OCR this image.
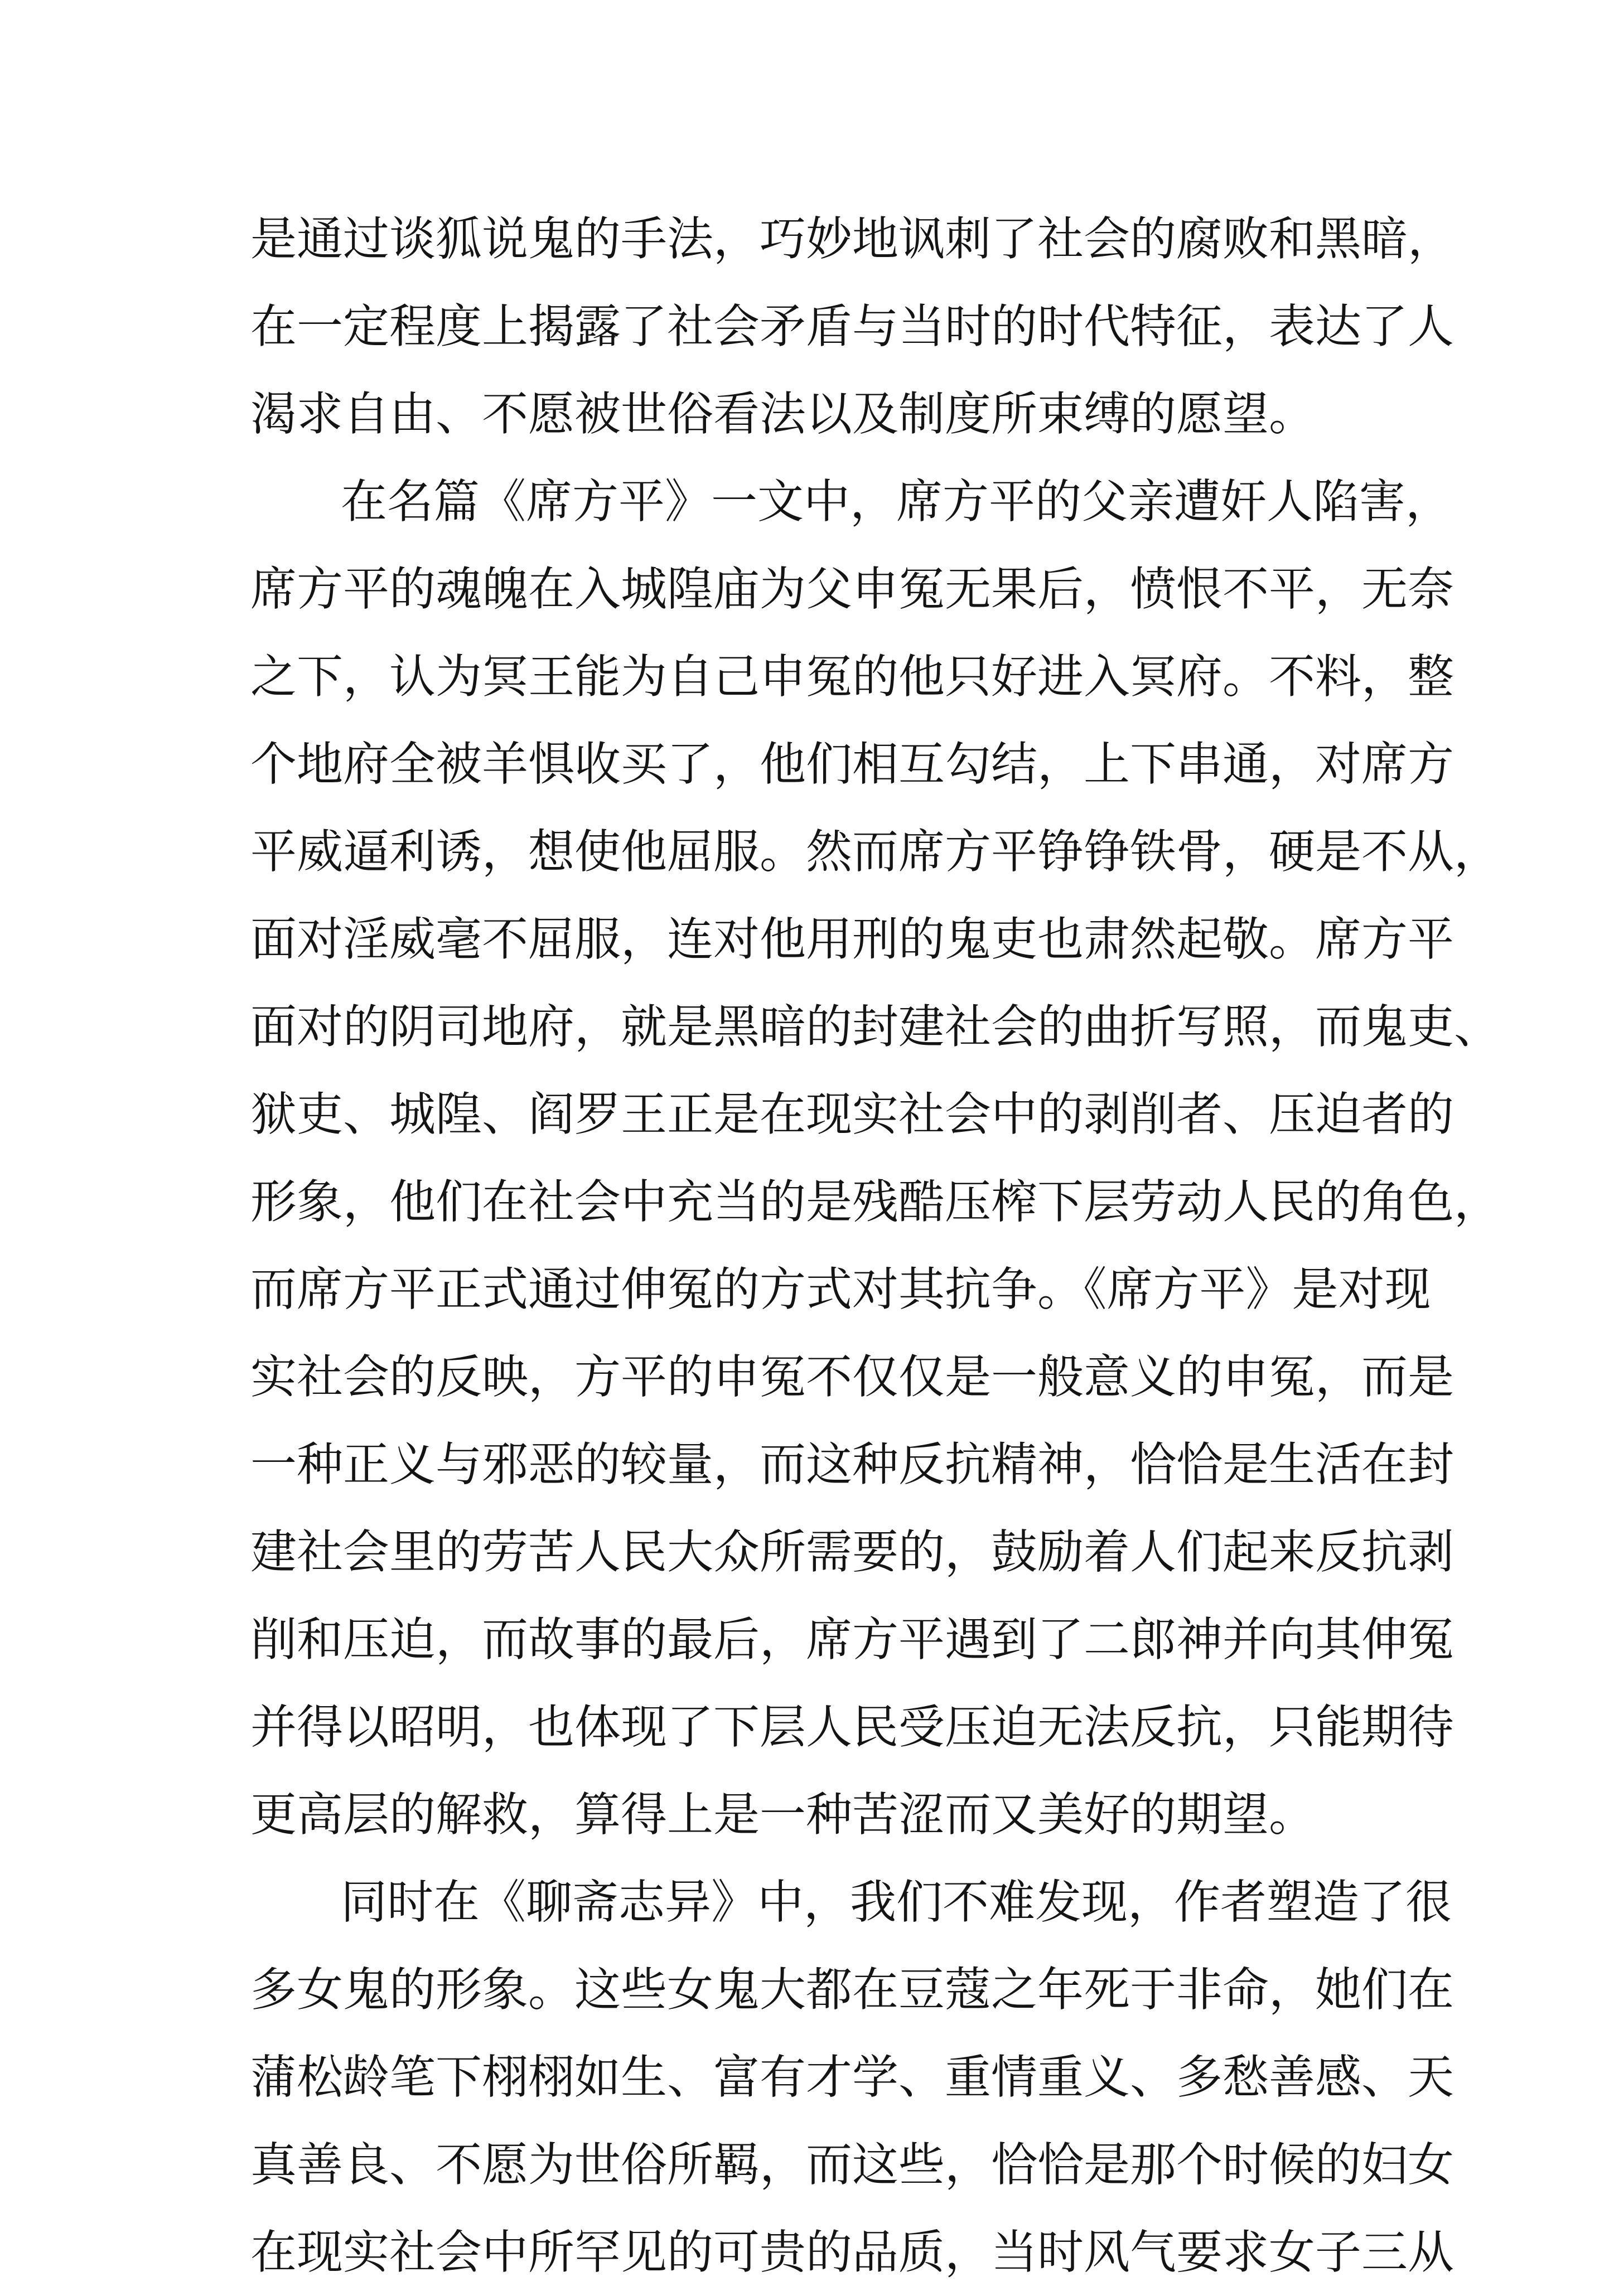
是通过谈狐说鬼的手法，巧妙地讽刺了社会的腐败和黑暗，
在一定程度上揭露了社会矛盾与当时的时代特征，表达了人
渴求自由、不愿被世俗看法以及制度所束缚的愿望。
在名篇《席方平》一文中，席方平的父亲遭奸人陷害，
席方平的魂魄在入城隍庙为父申冤无果后，愤恨不平，无奈
之下，认为冥王能为自己申冤的他只好进入冥府。不料，整
个地府全被羊惧收买了，他们相互勾结，上下串通，对席方
平威逼利诱，想使他屈服。然而席方平铮铮铁骨，硬是不从，
面对淫威毫不屈服，连对他用刑的鬼吏也肃然起敬。席方平
面对的阴司地府，就是黑暗的封建社会的曲折写照，而鬼吏、
狱吏、城隍、阎罗王正是在现实社会中的剥削者、压迫者的
形象，他们在社会中充当的是残酷压榨下层劳动人民的角色，
而席方平正式通过伸冤的方式对其抗争。《席方平》是对现
实社会的反映，方平的申冤不仅仅是一般意义的申冤，而是
一种正义与邪恶的较量，而这种反抗精神，恰恰是生活在封
建社会里的劳苦人民大众所需要的，鼓励着人们起来反抗剥
削和压迫，而故事的最后，席方平遇到了二郎神并向其伸冤
并得以昭明，也体现了下层人民受压迫无法反抗，只能期待
更高层的解救，算得上是一种苦涩而又美好的期望。
同时在《聊斋志异》中，我们不难发现，作者塑造了很
多女鬼的形象。这些女鬼大都在豆蔻之年死于非命，她们在
蒲松龄笔下栩栩如生、富有才学、重情重义、多愁善感、天
真善良、不愿为世俗所羁，而这些，恰恰是那个时候的妇女
在现实社会中所罕见的可贵的品质，当时风气要求女子三从
